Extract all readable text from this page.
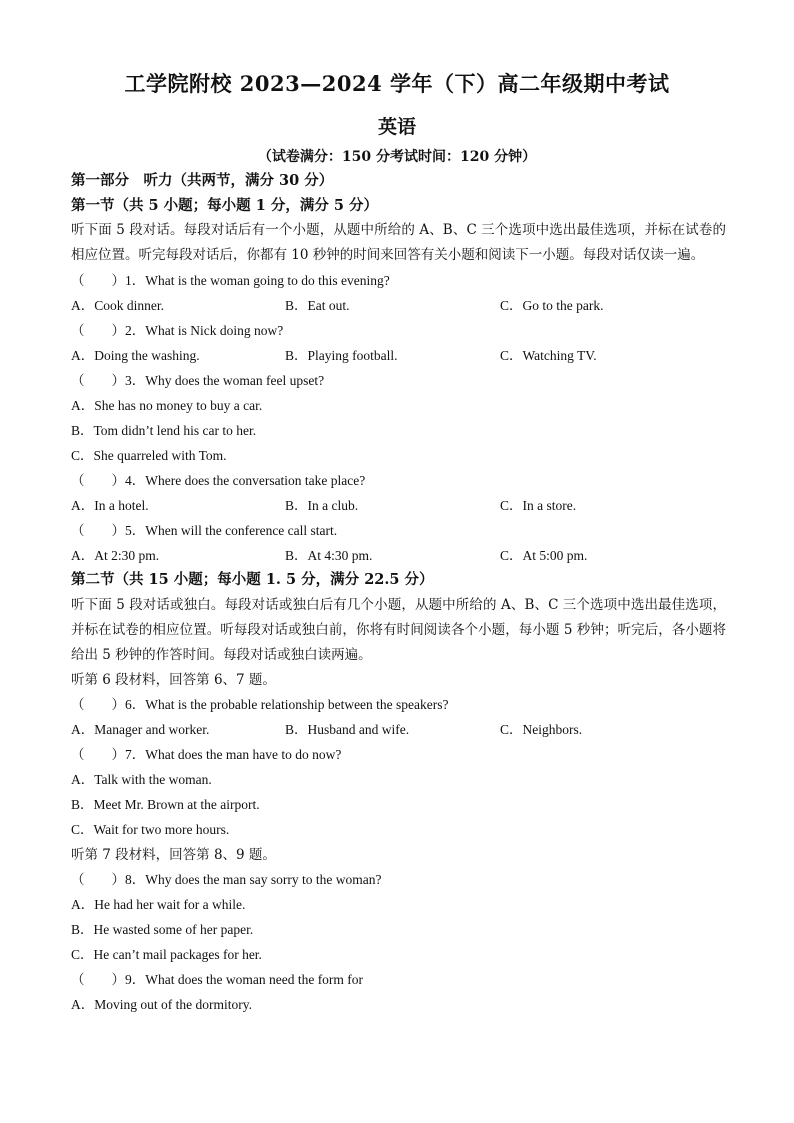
工学院附校 2023—2024 学年（下）高二年级期中考试
英语
（试卷满分：150 分考试时间：120 分钟）
第一部分　听力（共两节，满分 30 分）
第一节（共 5 小题；每小题 1 分，满分 5 分）
听下面 5 段对话。每段对话后有一个小题，从题中所给的 A、B、C 三个选项中选出最佳选项，并标在试卷的相应位置。听完每段对话后，你都有 10 秒钟的时间来回答有关小题和阅读下一小题。每段对话仅读一遍。
（　　）1．What is the woman going to do this evening?
A．Cook dinner.	B．Eat out.	C．Go to the park.
（　　）2．What is Nick doing now?
A．Doing the washing.	B．Playing football.	C．Watching TV.
（　　）3．Why does the woman feel upset?
A．She has no money to buy a car.
B．Tom didn’t lend his car to her.
C．She quarreled with Tom.
（　　）4．Where does the conversation take place?
A．In a hotel.	B．In a club.	C．In a store.
（　　）5．When will the conference call start.
A．At 2:30 pm.	B．At 4:30 pm.	C．At 5:00 pm.
第二节（共 15 小题；每小题 1. 5 分，满分 22.5 分）
听下面 5 段对话或独白。每段对话或独白后有几个小题，从题中所给的 A、B、C 三个选项中选出最佳选项，并标在试卷的相应位置。听每段对话或独白前，你将有时间阅读各个小题，每小题 5 秒钟；听完后，各小题将给出 5 秒钟的作答时间。每段对话或独白读两遍。
听第 6 段材料，回答第 6、7 题。
（　　）6．What is the probable relationship between the speakers?
A．Manager and worker.	B．Husband and wife.	C．Neighbors.
（　　）7．What does the man have to do now?
A．Talk with the woman.
B．Meet Mr. Brown at the airport.
C．Wait for two more hours.
听第 7 段材料，回答第 8、9 题。
（　　）8．Why does the man say sorry to the woman?
A．He had her wait for a while.
B．He wasted some of her paper.
C．He can’t mail packages for her.
（　　）9．What does the woman need the form for
A．Moving out of the dormitory.
